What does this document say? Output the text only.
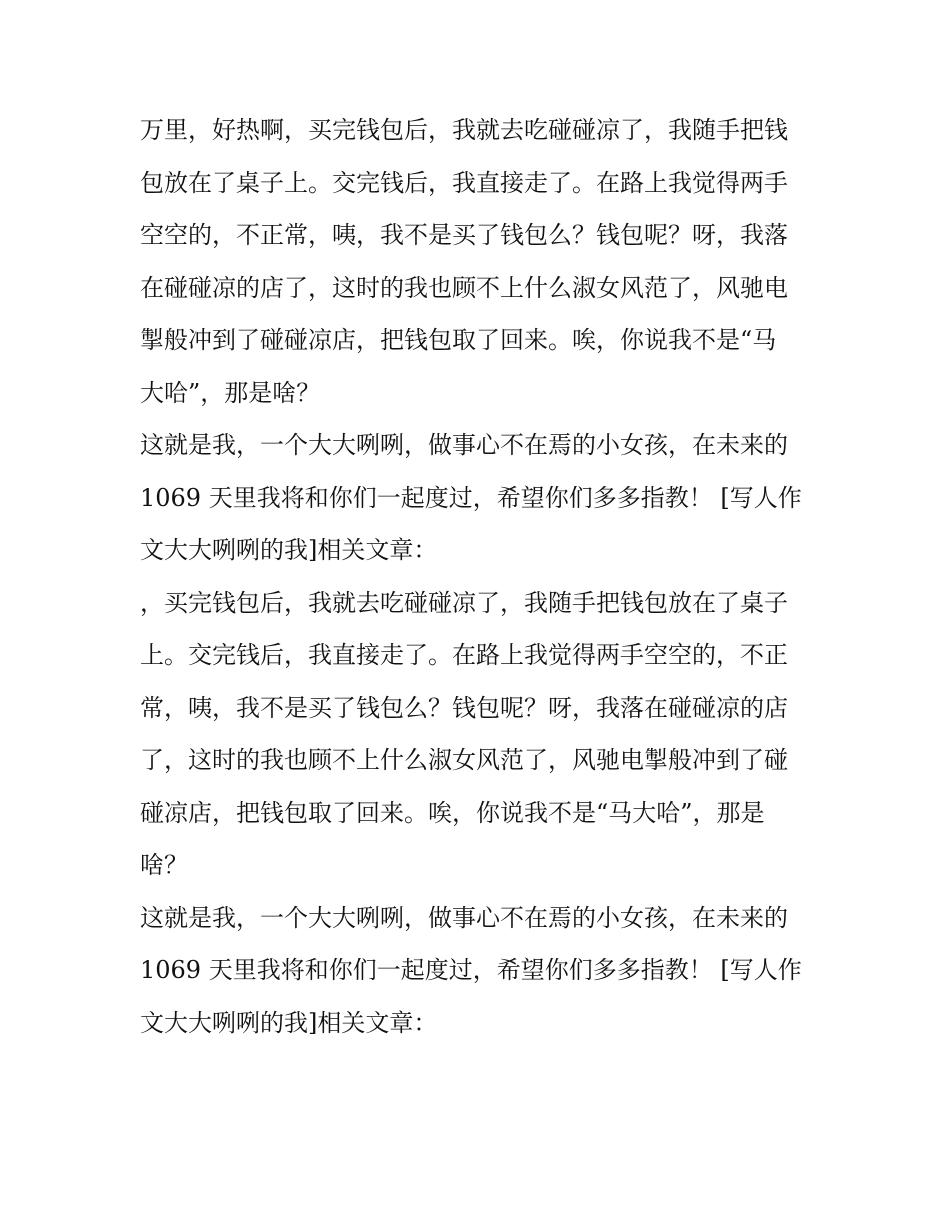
万里，好热啊，买完钱包后，我就去吃碰碰凉了，我随手把钱
包放在了桌子上。交完钱后，我直接走了。在路上我觉得两手
空空的，不正常，咦，我不是买了钱包么？钱包呢？呀，我落
在碰碰凉的店了，这时的我也顾不上什么淑女风范了，风驰电
掣般冲到了碰碰凉店，把钱包取了回来。唉，你说我不是“马
大哈”，那是啥？
这就是我，一个大大咧咧，做事心不在焉的小女孩，在未来的
1069 天里我将和你们一起度过，希望你们多多指教！ [写人作
文大大咧咧的我]相关文章：
，买完钱包后，我就去吃碰碰凉了，我随手把钱包放在了桌子
上。交完钱后，我直接走了。在路上我觉得两手空空的，不正
常，咦，我不是买了钱包么？钱包呢？呀，我落在碰碰凉的店
了，这时的我也顾不上什么淑女风范了，风驰电掣般冲到了碰
碰凉店，把钱包取了回来。唉，你说我不是“马大哈”，那是
啥？
这就是我，一个大大咧咧，做事心不在焉的小女孩，在未来的
1069 天里我将和你们一起度过，希望你们多多指教！ [写人作
文大大咧咧的我]相关文章：
